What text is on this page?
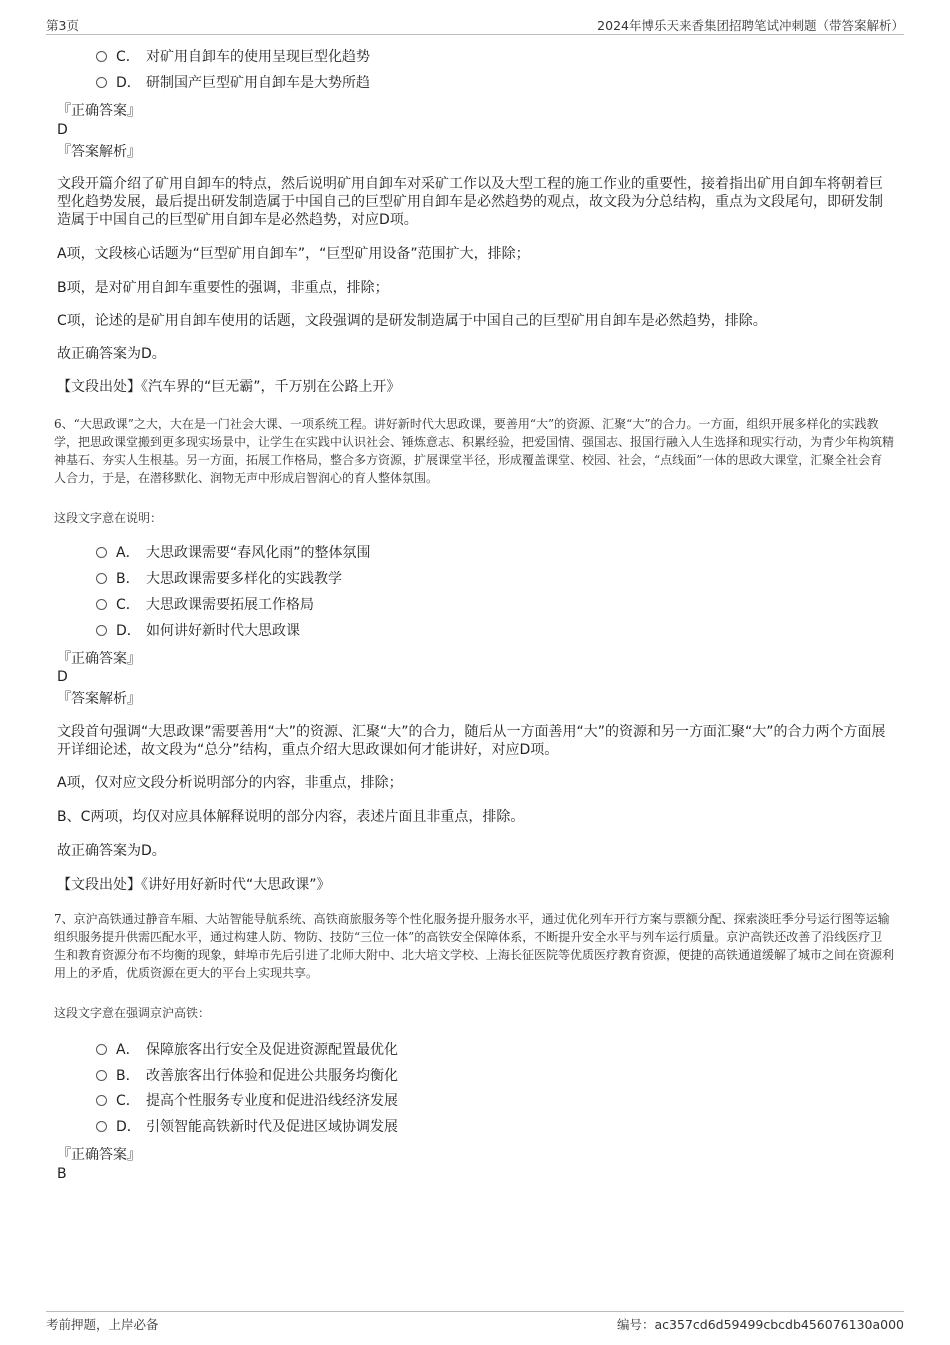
第3页	2024年博乐天来香集团招聘笔试冲刺题（带答案解析）
C． 对矿用自卸车的使用呈现巨型化趋势
D． 研制国产巨型矿用自卸车是大势所趋
『正确答案』
D
『答案解析』
文段开篇介绍了矿用自卸车的特点，然后说明矿用自卸车对采矿工作以及大型工程的施工作业的重要性，接着指出矿用自卸车将朝着巨型化趋势发展，最后提出研发制造属于中国自己的巨型矿用自卸车是必然趋势的观点，故文段为分总结构，重点为文段尾句，即研发制造属于中国自己的巨型矿用自卸车是必然趋势，对应D项。
A项，文段核心话题为“巨型矿用自卸车”，“巨型矿用设备”范围扩大，排除；
B项，是对矿用自卸车重要性的强调，非重点，排除；
C项，论述的是矿用自卸车使用的话题，文段强调的是研发制造属于中国自己的巨型矿用自卸车是必然趋势，排除。
故正确答案为D。
【文段出处】《汽车界的“巨无霸”，千万别在公路上开》
6、“大思政课”之大，大在是一门社会大课、一项系统工程。讲好新时代大思政课，要善用“大”的资源、汇聚“大”的合力。一方面，组织开展多样化的实践教学，把思政课堂搬到更多现实场景中，让学生在实践中认识社会、锤炼意志、积累经验，把爱国情、强国志、报国行融入人生选择和现实行动，为青少年构筑精神基石、夯实人生根基。另一方面，拓展工作格局，整合多方资源，扩展课堂半径，形成覆盖课堂、校园、社会，“点线面”一体的思政大课堂，汇聚全社会育人合力，于是，在潜移默化、润物无声中形成启智润心的育人整体氛围。
这段文字意在说明：
A． 大思政课需要“春风化雨”的整体氛围
B． 大思政课需要多样化的实践教学
C． 大思政课需要拓展工作格局
D． 如何讲好新时代大思政课
『正确答案』
D
『答案解析』
文段首句强调“大思政课”需要善用“大”的资源、汇聚“大”的合力，随后从一方面善用“大”的资源和另一方面汇聚“大”的合力两个方面展开详细论述，故文段为“总分”结构，重点介绍大思政课如何才能讲好，对应D项。
A项，仅对应文段分析说明部分的内容，非重点，排除；
B、C两项，均仅对应具体解释说明的部分内容，表述片面且非重点，排除。
故正确答案为D。
【文段出处】《讲好用好新时代“大思政课”》
7、京沪高铁通过静音车厢、大站智能导航系统、高铁商旅服务等个性化服务提升服务水平，通过优化列车开行方案与票额分配、探索淡旺季分号运行图等运输组织服务提升供需匹配水平，通过构建人防、物防、技防“三位一体”的高铁安全保障体系，不断提升安全水平与列车运行质量。京沪高铁还改善了沿线医疗卫生和教育资源分布不均衡的现象，蚌埠市先后引进了北师大附中、北大培文学校、上海长征医院等优质医疗教育资源，便捷的高铁通道缓解了城市之间在资源利用上的矛盾，优质资源在更大的平台上实现共享。
这段文字意在强调京沪高铁：
A． 保障旅客出行安全及促进资源配置最优化
B． 改善旅客出行体验和促进公共服务均衡化
C． 提高个性服务专业度和促进沿线经济发展
D． 引领智能高铁新时代及促进区域协调发展
『正确答案』
B
考前押题，上岸必备	编号：ac357cd6d59499cbcdb456076130a000
